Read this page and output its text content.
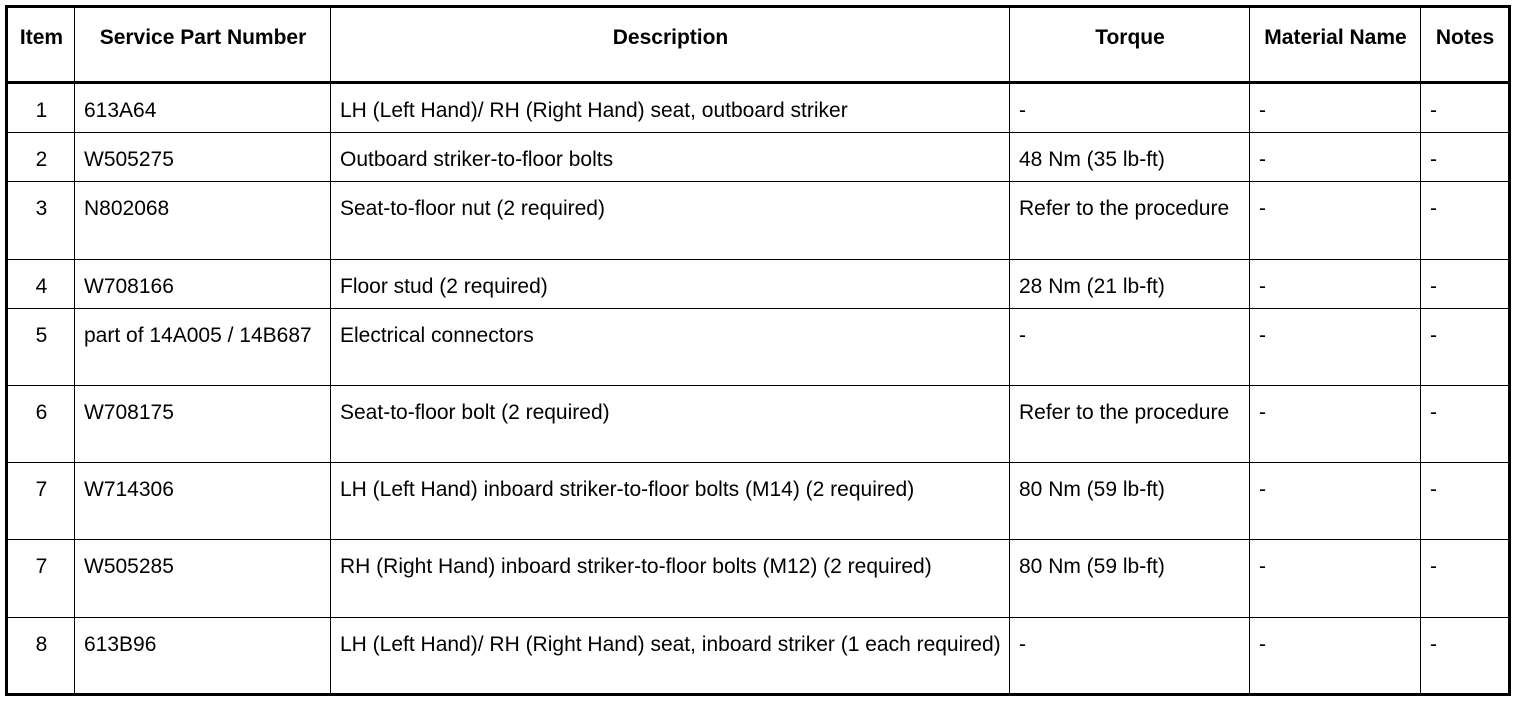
Item	Service Part Number	Description	Torque	Material Name	Notes
1	613A64	LH (Left Hand)/ RH (Right Hand) seat, outboard striker	-	-	-
2	W505275	Outboard striker-to-floor bolts	48 Nm (35 lb-ft)	-	-
3	N802068	Seat-to-floor nut (2 required)	Refer to the procedure	-	-
4	W708166	Floor stud (2 required)	28 Nm (21 lb-ft)	-	-
5	part of 14A005 / 14B687	Electrical connectors	-	-	-
6	W708175	Seat-to-floor bolt (2 required)	Refer to the procedure	-	-
7	W714306	LH (Left Hand) inboard striker-to-floor bolts (M14) (2 required)	80 Nm (59 lb-ft)	-	-
7	W505285	RH (Right Hand) inboard striker-to-floor bolts (M12) (2 required)	80 Nm (59 lb-ft)	-	-
8	613B96	LH (Left Hand)/ RH (Right Hand) seat, inboard striker (1 each required)	-	-	-
